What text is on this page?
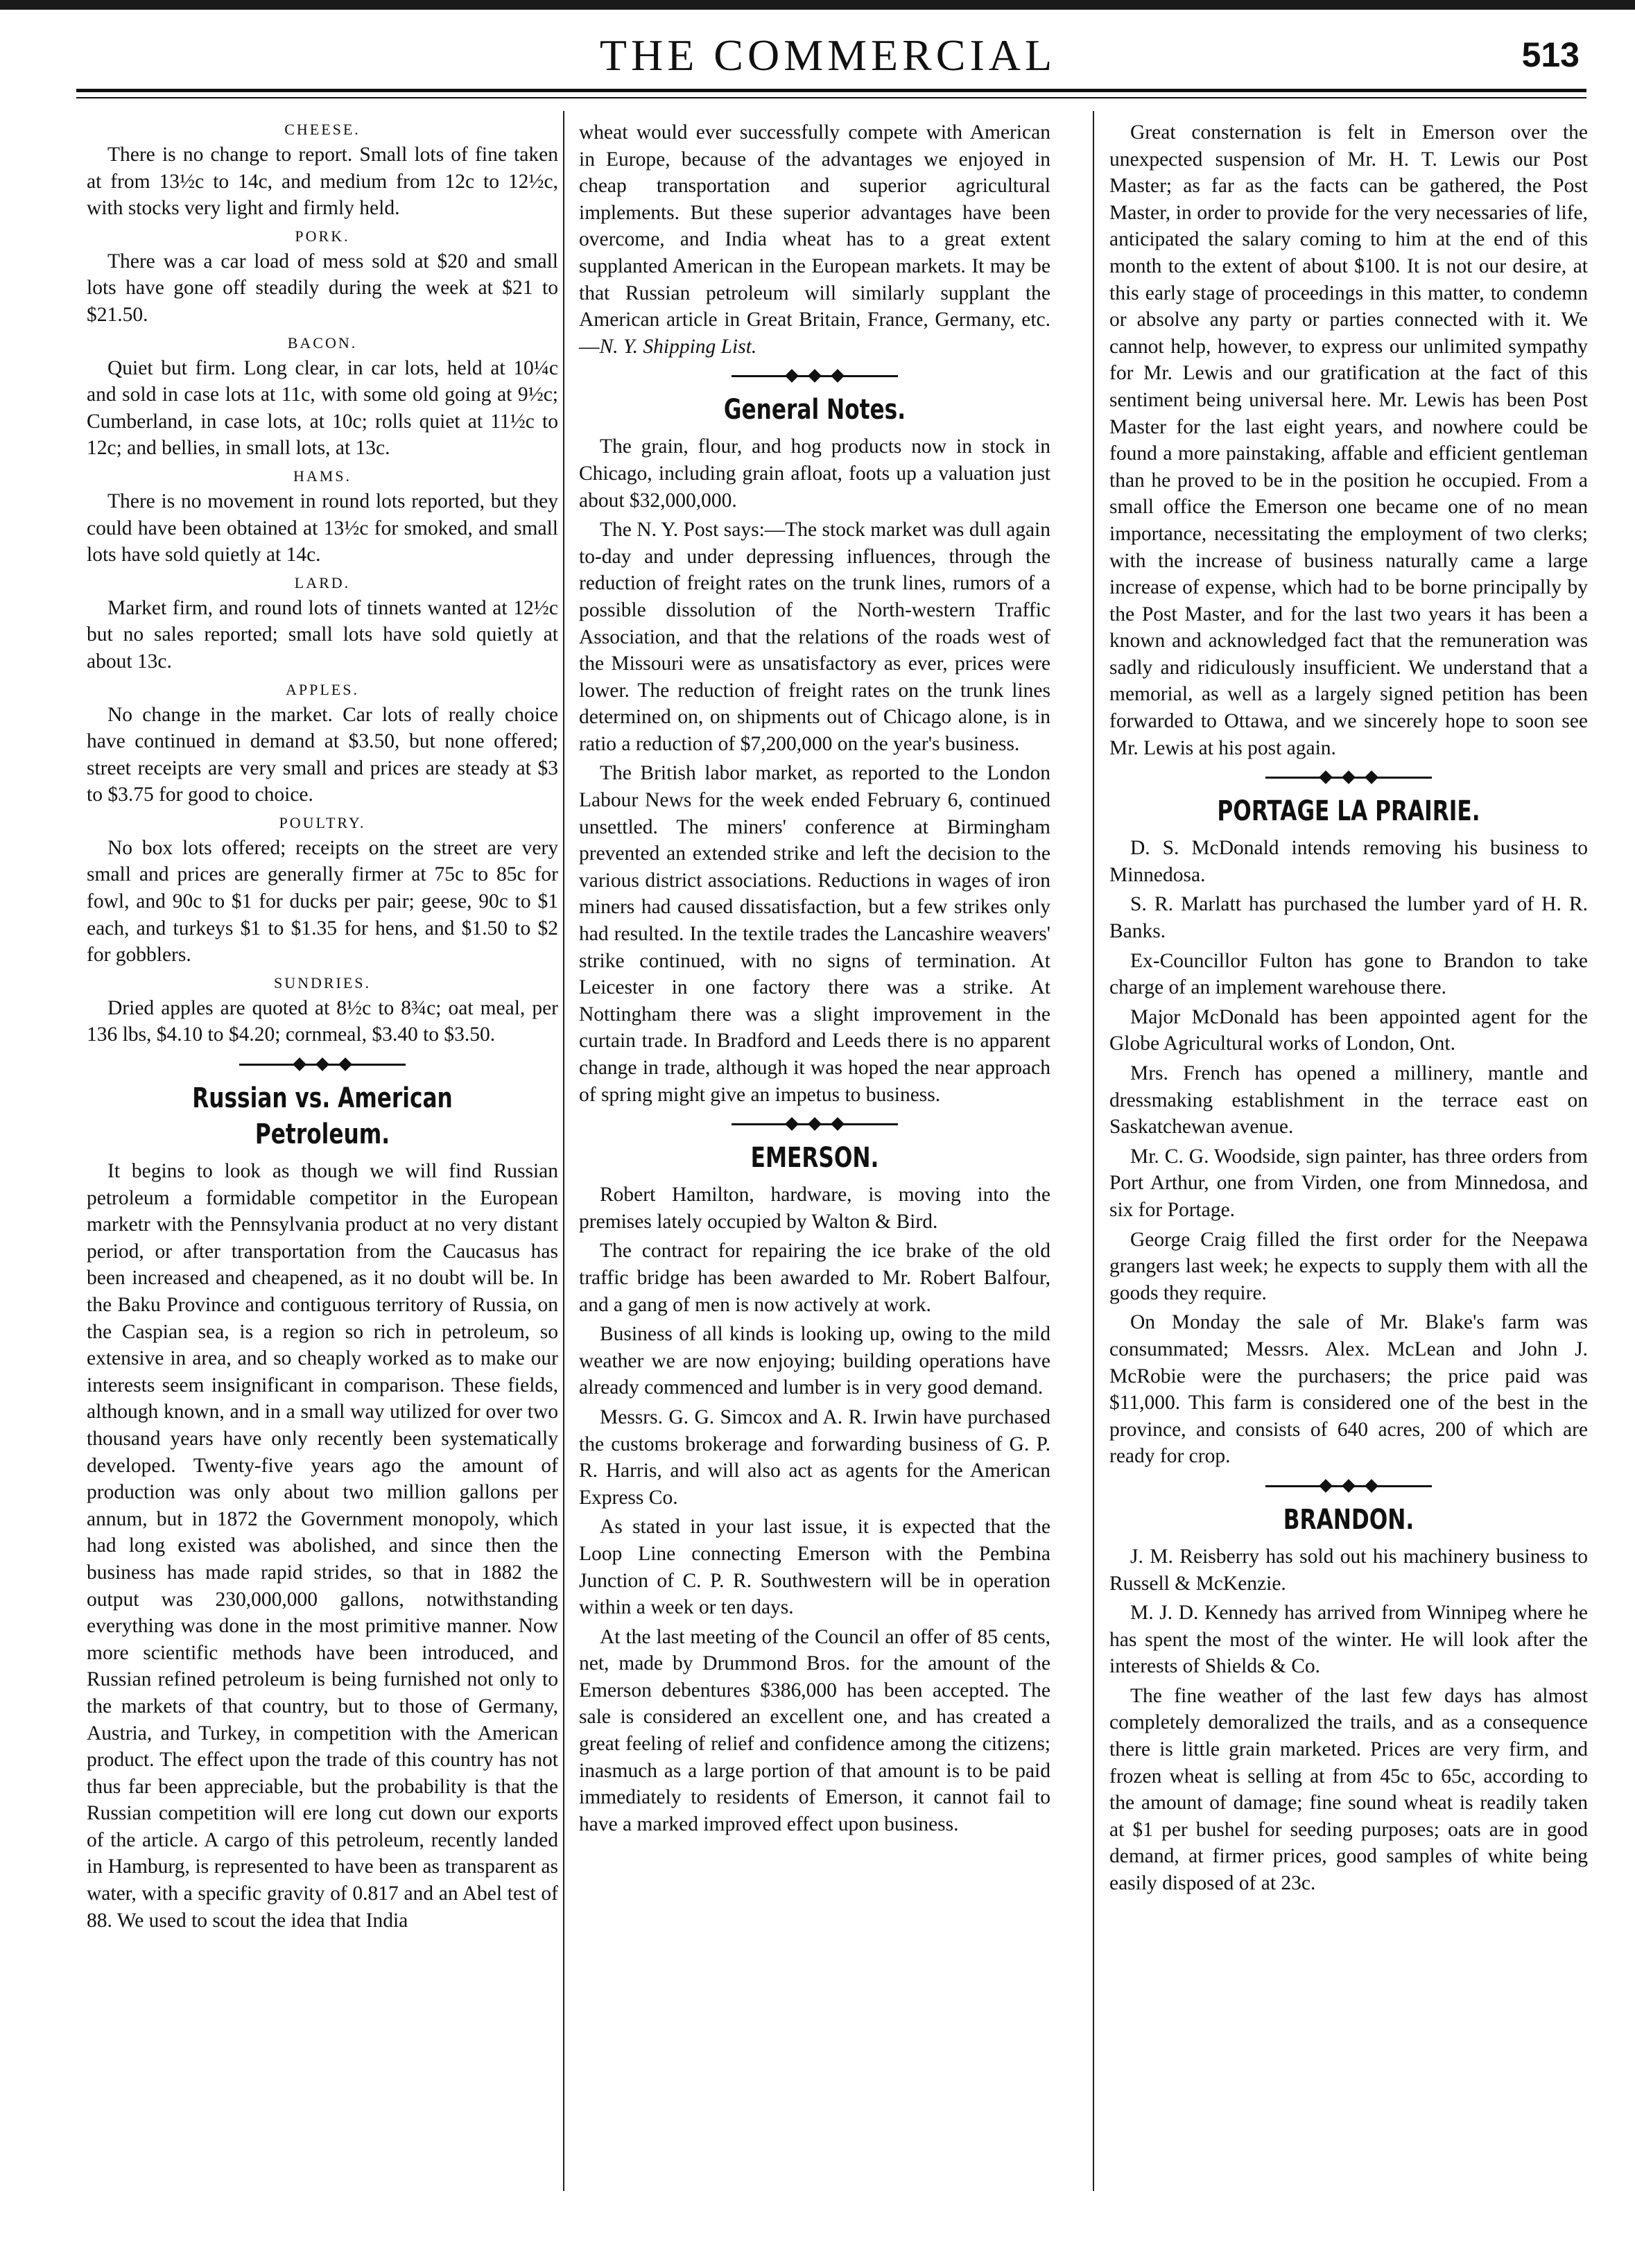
THE COMMERCIAL	513
CHEESE.

There is no change to report. Small lots of fine taken at from 13½c to 14c, and medium from 12c to 12½c, with stocks very light and firmly held.

PORK.

There was a car load of mess sold at $20 and small lots have gone off steadily during the week at $21 to $21.50.

BACON.

Quiet but firm. Long clear, in car lots, held at 10¼c and sold in case lots at 11c, with some old going at 9½c; Cumberland, in case lots, at 10c; rolls quiet at 11½c to 12c; and bellies, in small lots, at 13c.

HAMS.

There is no movement in round lots reported, but they could have been obtained at 13½c for smoked, and small lots have sold quietly at 14c.

LARD.

Market firm, and round lots of tinnets wanted at 12½c but no sales reported; small lots have sold quietly at about 13c.

APPLES.

No change in the market. Car lots of really choice have continued in demand at $3.50, but none offered; street receipts are very small and prices are steady at $3 to $3.75 for good to choice.

POULTRY.

No box lots offered; receipts on the street are very small and prices are generally firmer at 75c to 85c for fowl, and 90c to $1 for ducks per pair; geese, 90c to $1 each, and turkeys $1 to $1.35 for hens, and $1.50 to $2 for gobblers.

SUNDRIES.

Dried apples are quoted at 8½c to 8¾c; oat meal, per 136 lbs, $4.10 to $4.20; cornmeal, $3.40 to $3.50.

Russian vs. American Petroleum.

It begins to look as though we will find Russian petroleum a formidable competitor in the European marketr with the Pennsylvania product at no very distant period, or after transportation from the Caucasus has been increased and cheapened, as it no doubt will be. In the Baku Province and contiguous territory of Russia, on the Caspian sea, is a region so rich in petroleum, so extensive in area, and so cheaply worked as to make our interests seem insignificant in comparison. These fields, although known, and in a small way utilized for over two thousand years have only recently been systematically developed. Twenty-five years ago the amount of production was only about two million gallons per annum, but in 1872 the Government monopoly, which had long existed was abolished, and since then the business has made rapid strides, so that in 1882 the output was 230,000,000 gallons, notwithstanding everything was done in the most primitive manner. Now more scientific methods have been introduced, and Russian refined petroleum is being furnished not only to the markets of that country, but to those of Germany, Austria, and Turkey, in competition with the American product. The effect upon the trade of this country has not thus far been appreciable, but the probability is that the Russian competition will ere long cut down our exports of the article. A cargo of this petroleum, recently landed in Hamburg, is represented to have been as transparent as water, with a specific gravity of 0.817 and an Abel test of 88. We used to scout the idea that India

wheat would ever successfully compete with American in Europe, because of the advantages we enjoyed in cheap transportation and superior agricultural implements. But these superior advantages have been overcome, and India wheat has to a great extent supplanted American in the European markets. It may be that Russian petroleum will similarly supplant the American article in Great Britain, France, Germany, etc.—N. Y. Shipping List.

General Notes.

The grain, flour, and hog products now in stock in Chicago, including grain afloat, foots up a valuation just about $32,000,000.

The N. Y. Post says:—The stock market was dull again to-day and under depressing influences, through the reduction of freight rates on the trunk lines, rumors of a possible dissolution of the North-western Traffic Association, and that the relations of the roads west of the Missouri were as unsatisfactory as ever, prices were lower. The reduction of freight rates on the trunk lines determined on, on shipments out of Chicago alone, is in ratio a reduction of $7,200,000 on the year's business.

The British labor market, as reported to the London Labour News for the week ended February 6, continued unsettled. The miners' conference at Birmingham prevented an extended strike and left the decision to the various district associations. Reductions in wages of iron miners had caused dissatisfaction, but a few strikes only had resulted. In the textile trades the Lancashire weavers' strike continued, with no signs of termination. At Leicester in one factory there was a strike. At Nottingham there was a slight improvement in the curtain trade. In Bradford and Leeds there is no apparent change in trade, although it was hoped the near approach of spring might give an impetus to business.

EMERSON.

Robert Hamilton, hardware, is moving into the premises lately occupied by Walton & Bird.

The contract for repairing the ice brake of the old traffic bridge has been awarded to Mr. Robert Balfour, and a gang of men is now actively at work.

Business of all kinds is looking up, owing to the mild weather we are now enjoying; building operations have already commenced and lumber is in very good demand.

Messrs. G. G. Simcox and A. R. Irwin have purchased the customs brokerage and forwarding business of G. P. R. Harris, and will also act as agents for the American Express Co.

As stated in your last issue, it is expected that the Loop Line connecting Emerson with the Pembina Junction of C. P. R. Southwestern will be in operation within a week or ten days.

At the last meeting of the Council an offer of 85 cents, net, made by Drummond Bros. for the amount of the Emerson debentures $386,000 has been accepted. The sale is considered an excellent one, and has created a great feeling of relief and confidence among the citizens; inasmuch as a large portion of that amount is to be paid immediately to residents of Emerson, it cannot fail to have a marked improved effect upon business.

Great consternation is felt in Emerson over the unexpected suspension of Mr. H. T. Lewis our Post Master; as far as the facts can be gathered, the Post Master, in order to provide for the very necessaries of life, anticipated the salary coming to him at the end of this month to the extent of about $100. It is not our desire, at this early stage of proceedings in this matter, to condemn or absolve any party or parties connected with it. We cannot help, however, to express our unlimited sympathy for Mr. Lewis and our gratification at the fact of this sentiment being universal here. Mr. Lewis has been Post Master for the last eight years, and nowhere could be found a more painstaking, affable and efficient gentleman than he proved to be in the position he occupied. From a small office the Emerson one became one of no mean importance, necessitating the employment of two clerks; with the increase of business naturally came a large increase of expense, which had to be borne principally by the Post Master, and for the last two years it has been a known and acknowledged fact that the remuneration was sadly and ridiculously insufficient. We understand that a memorial, as well as a largely signed petition has been forwarded to Ottawa, and we sincerely hope to soon see Mr. Lewis at his post again.

PORTAGE LA PRAIRIE.

D. S. McDonald intends removing his business to Minnedosa.

S. R. Marlatt has purchased the lumber yard of H. R. Banks.

Ex-Councillor Fulton has gone to Brandon to take charge of an implement warehouse there.

Major McDonald has been appointed agent for the Globe Agricultural works of London, Ont.

Mrs. French has opened a millinery, mantle and dressmaking establishment in the terrace east on Saskatchewan avenue.

Mr. C. G. Woodside, sign painter, has three orders from Port Arthur, one from Virden, one from Minnedosa, and six for Portage.

George Craig filled the first order for the Neepawa grangers last week; he expects to supply them with all the goods they require.

On Monday the sale of Mr. Blake's farm was consummated; Messrs. Alex. McLean and John J. McRobie were the purchasers; the price paid was $11,000. This farm is considered one of the best in the province, and consists of 640 acres, 200 of which are ready for crop.

BRANDON.

J. M. Reisberry has sold out his machinery business to Russell & McKenzie.

M. J. D. Kennedy has arrived from Winnipeg where he has spent the most of the winter. He will look after the interests of Shields & Co.

The fine weather of the last few days has almost completely demoralized the trails, and as a consequence there is little grain marketed. Prices are very firm, and frozen wheat is selling at from 45c to 65c, according to the amount of damage; fine sound wheat is readily taken at $1 per bushel for seeding purposes; oats are in good demand, at firmer prices, good samples of white being easily disposed of at 23c.
